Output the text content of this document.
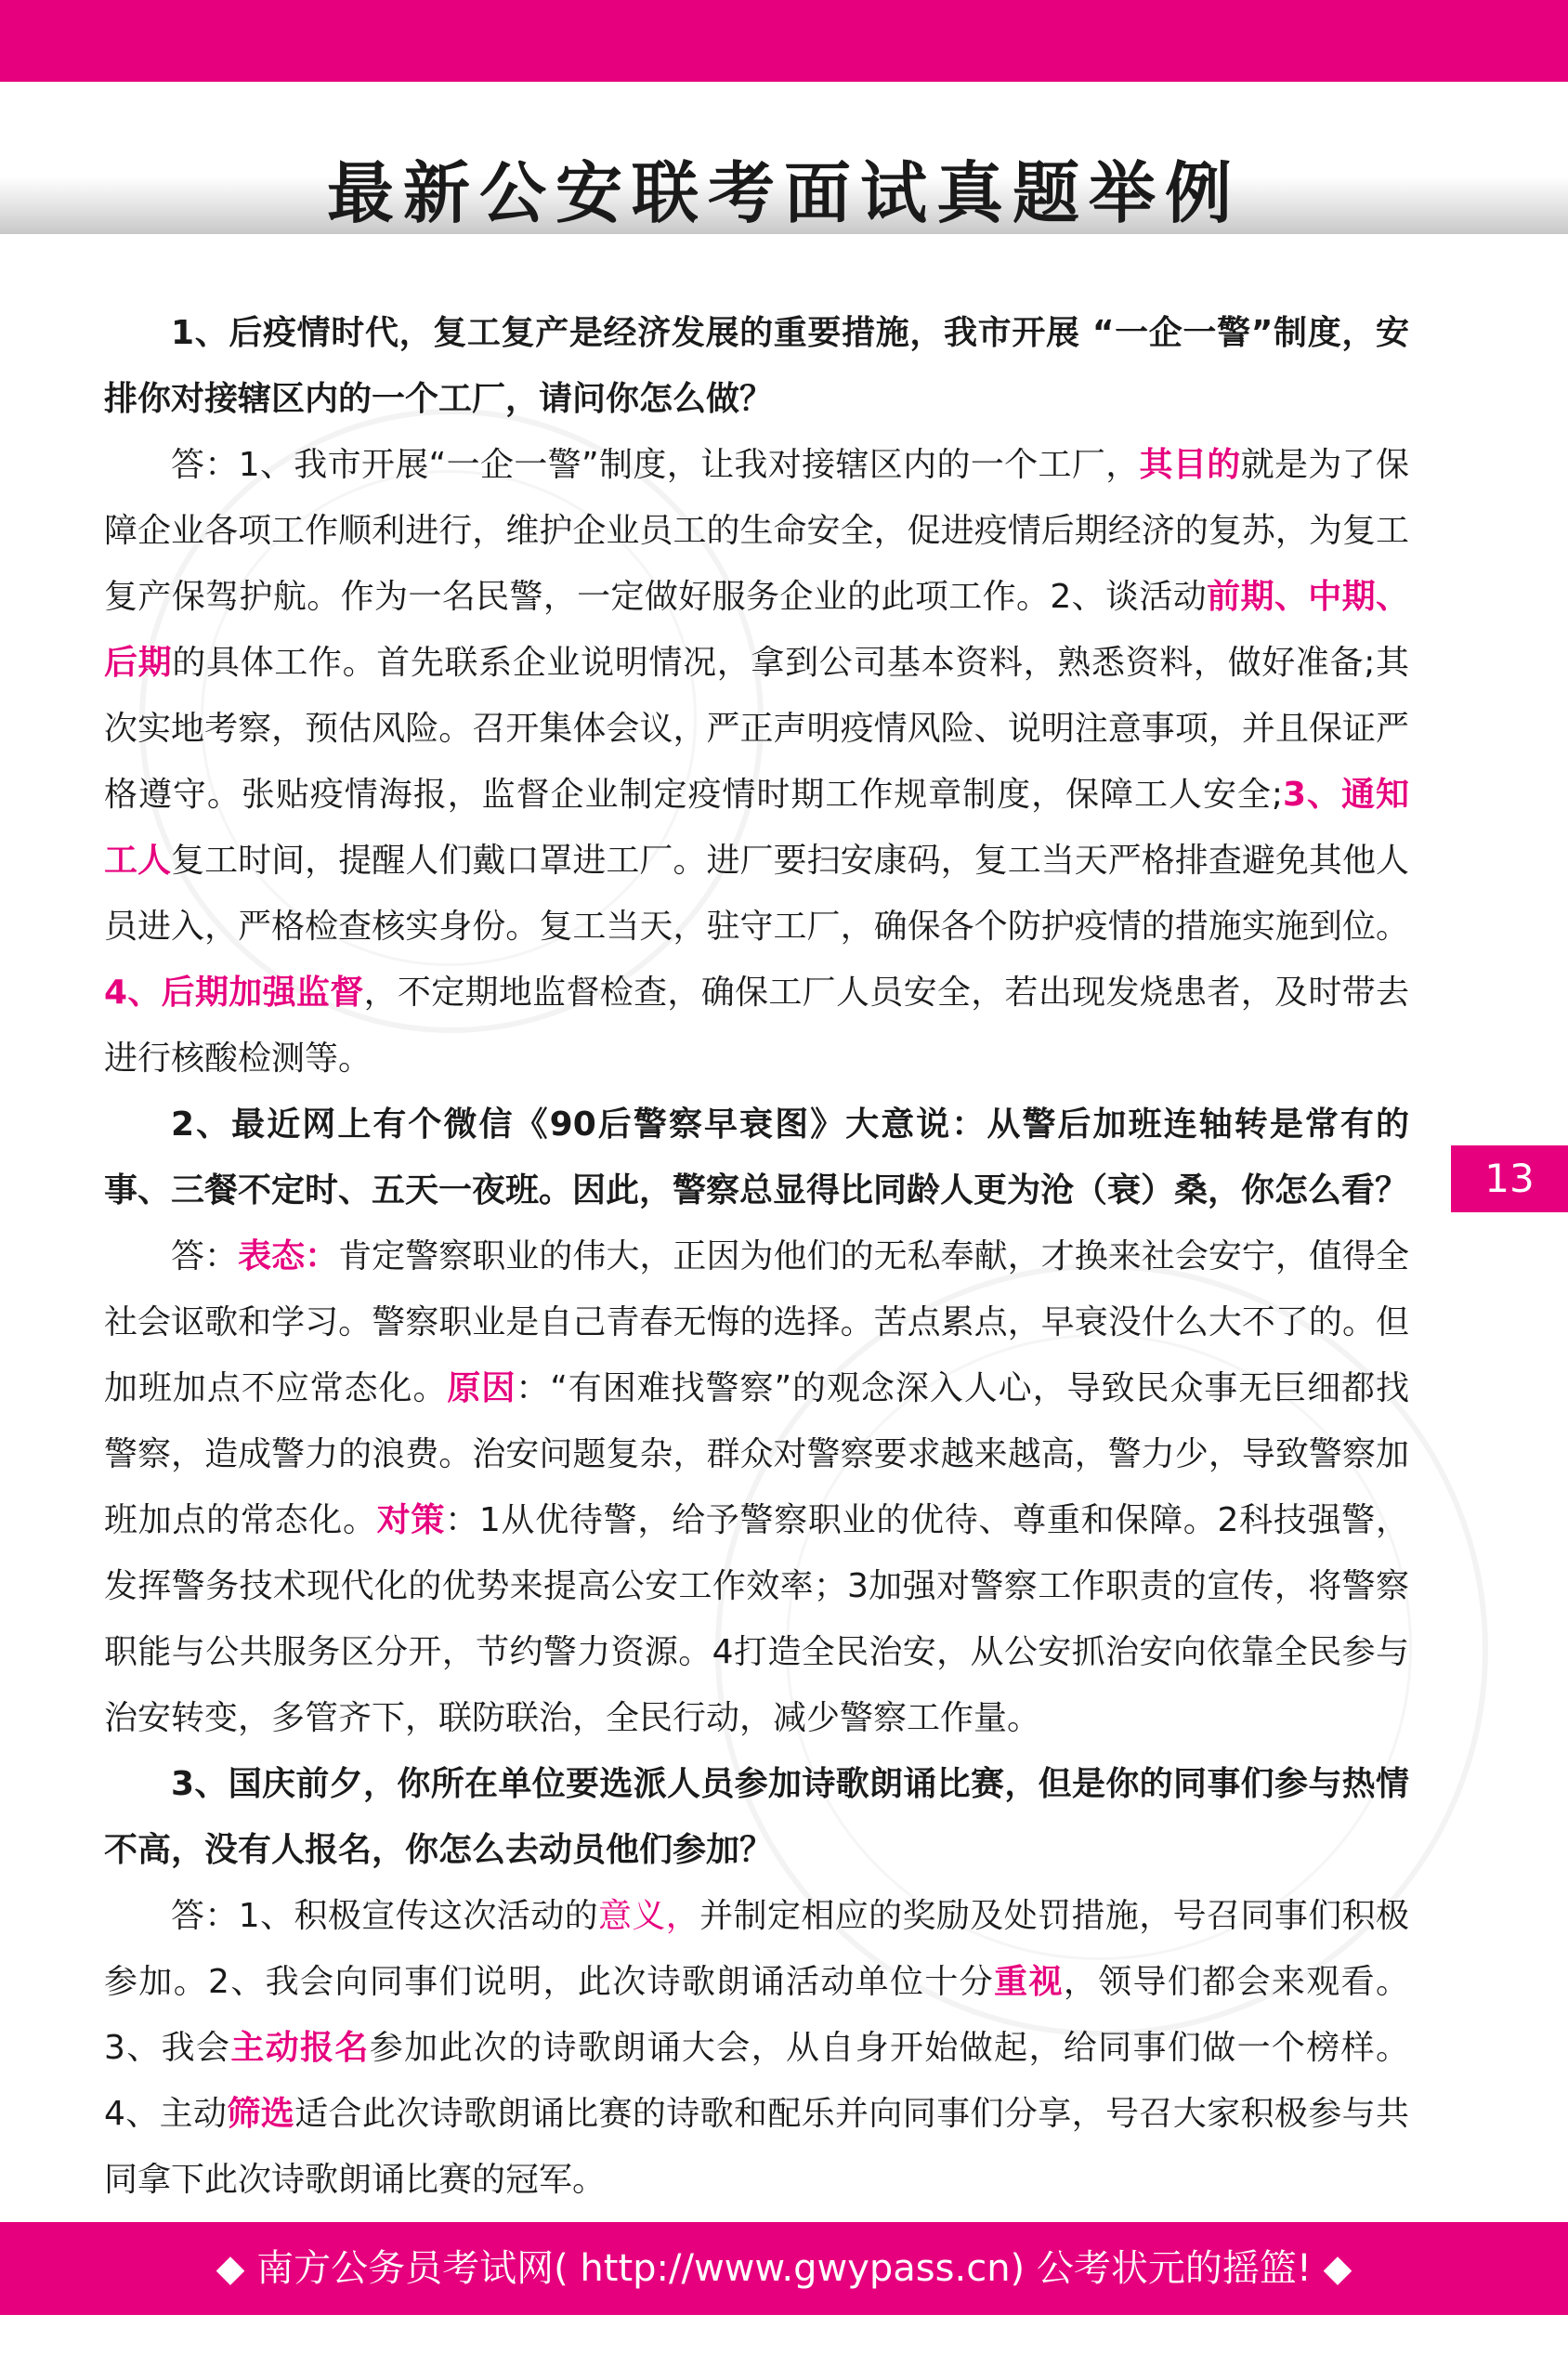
最新公安联考面试真题举例
13

1、后疫情时代，复工复产是经济发展的重要措施，我市开展 “一企一警”制度，安排你对接辖区内的一个工厂，请问你怎么做？

答：1、我市开展“一企一警”制度，让我对接辖区内的一个工厂，其目的就是为了保障企业各项工作顺利进行，维护企业员工的生命安全，促进疫情后期经济的复苏，为复工复产保驾护航。作为一名民警，一定做好服务企业的此项工作。2、谈活动前期、中期、后期的具体工作。首先联系企业说明情况，拿到公司基本资料，熟悉资料，做好准备;其次实地考察，预估风险。召开集体会议，严正声明疫情风险、说明注意事项，并且保证严格遵守。张贴疫情海报，监督企业制定疫情时期工作规章制度，保障工人安全;3、通知工人复工时间，提醒人们戴口罩进工厂。进厂要扫安康码，复工当天严格排查避免其他人员进入，严格检查核实身份。复工当天，驻守工厂，确保各个防护疫情的措施实施到位。4、后期加强监督，不定期地监督检查，确保工厂人员安全，若出现发烧患者，及时带去进行核酸检测等。

2、最近网上有个微信《90后警察早衰图》大意说：从警后加班连轴转是常有的事、三餐不定时、五天一夜班。因此，警察总显得比同龄人更为沧（衰）桑，你怎么看？

答：表态：肯定警察职业的伟大，正因为他们的无私奉献，才换来社会安宁，值得全社会讴歌和学习。警察职业是自己青春无悔的选择。苦点累点，早衰没什么大不了的。但加班加点不应常态化。原因：“有困难找警察”的观念深入人心，导致民众事无巨细都找警察，造成警力的浪费。治安问题复杂，群众对警察要求越来越高，警力少，导致警察加班加点的常态化。对策：1从优待警，给予警察职业的优待、尊重和保障。2科技强警，发挥警务技术现代化的优势来提高公安工作效率；3加强对警察工作职责的宣传，将警察职能与公共服务区分开，节约警力资源。4打造全民治安，从公安抓治安向依靠全民参与治安转变，多管齐下，联防联治，全民行动，减少警察工作量。

3、国庆前夕，你所在单位要选派人员参加诗歌朗诵比赛，但是你的同事们参与热情不高，没有人报名，你怎么去动员他们参加？

答：1、积极宣传这次活动的意义，并制定相应的奖励及处罚措施，号召同事们积极参加。2、我会向同事们说明，此次诗歌朗诵活动单位十分重视，领导们都会来观看。3、我会主动报名参加此次的诗歌朗诵大会，从自身开始做起，给同事们做一个榜样。4、主动筛选适合此次诗歌朗诵比赛的诗歌和配乐并向同事们分享，号召大家积极参与共同拿下此次诗歌朗诵比赛的冠军。

◆ 南方公务员考试网( http://www.gwypass.cn) 公考状元的摇篮! ◆
